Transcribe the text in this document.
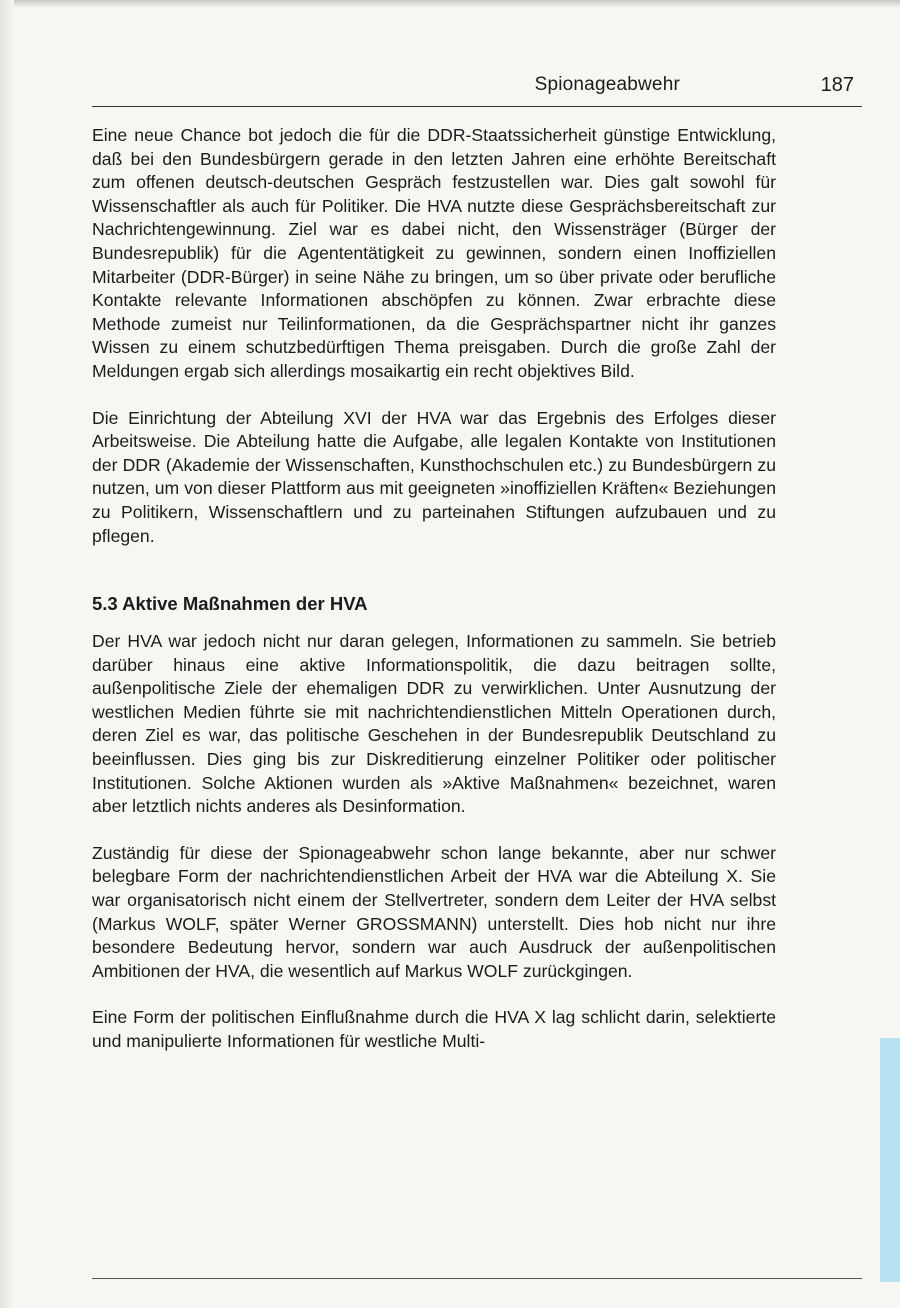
Spionageabwehr	187

Eine neue Chance bot jedoch die für die DDR-Staatssicherheit günstige Entwicklung, daß bei den Bundesbürgern gerade in den letzten Jahren eine erhöhte Bereitschaft zum offenen deutsch-deutschen Gespräch festzustellen war. Dies galt sowohl für Wissenschaftler als auch für Politiker. Die HVA nutzte diese Gesprächsbereitschaft zur Nachrichtengewinnung. Ziel war es dabei nicht, den Wissensträger (Bürger der Bundesrepublik) für die Agententätigkeit zu gewinnen, sondern einen Inoffiziellen Mitarbeiter (DDR-Bürger) in seine Nähe zu bringen, um so über private oder berufliche Kontakte relevante Informationen abschöpfen zu können. Zwar erbrachte diese Methode zumeist nur Teilinformationen, da die Gesprächspartner nicht ihr ganzes Wissen zu einem schutzbedürftigen Thema preisgaben. Durch die große Zahl der Meldungen ergab sich allerdings mosaikartig ein recht objektives Bild.

Die Einrichtung der Abteilung XVI der HVA war das Ergebnis des Erfolges dieser Arbeitsweise. Die Abteilung hatte die Aufgabe, alle legalen Kontakte von Institutionen der DDR (Akademie der Wissenschaften, Kunsthochschulen etc.) zu Bundesbürgern zu nutzen, um von dieser Plattform aus mit geeigneten »inoffiziellen Kräften« Beziehungen zu Politikern, Wissenschaftlern und zu parteinahen Stiftungen aufzubauen und zu pflegen.

5.3 Aktive Maßnahmen der HVA

Der HVA war jedoch nicht nur daran gelegen, Informationen zu sammeln. Sie betrieb darüber hinaus eine aktive Informationspolitik, die dazu beitragen sollte, außenpolitische Ziele der ehemaligen DDR zu verwirklichen. Unter Ausnutzung der westlichen Medien führte sie mit nachrichtendienstlichen Mitteln Operationen durch, deren Ziel es war, das politische Geschehen in der Bundesrepublik Deutschland zu beeinflussen. Dies ging bis zur Diskreditierung einzelner Politiker oder politischer Institutionen. Solche Aktionen wurden als »Aktive Maßnahmen« bezeichnet, waren aber letztlich nichts anderes als Desinformation.

Zuständig für diese der Spionageabwehr schon lange bekannte, aber nur schwer belegbare Form der nachrichtendienstlichen Arbeit der HVA war die Abteilung X. Sie war organisatorisch nicht einem der Stellvertreter, sondern dem Leiter der HVA selbst (Markus WOLF, später Werner GROSSMANN) unterstellt. Dies hob nicht nur ihre besondere Bedeutung hervor, sondern war auch Ausdruck der außenpolitischen Ambitionen der HVA, die wesentlich auf Markus WOLF zurückgingen.

Eine Form der politischen Einflußnahme durch die HVA X lag schlicht darin, selektierte und manipulierte Informationen für westliche Multi-
